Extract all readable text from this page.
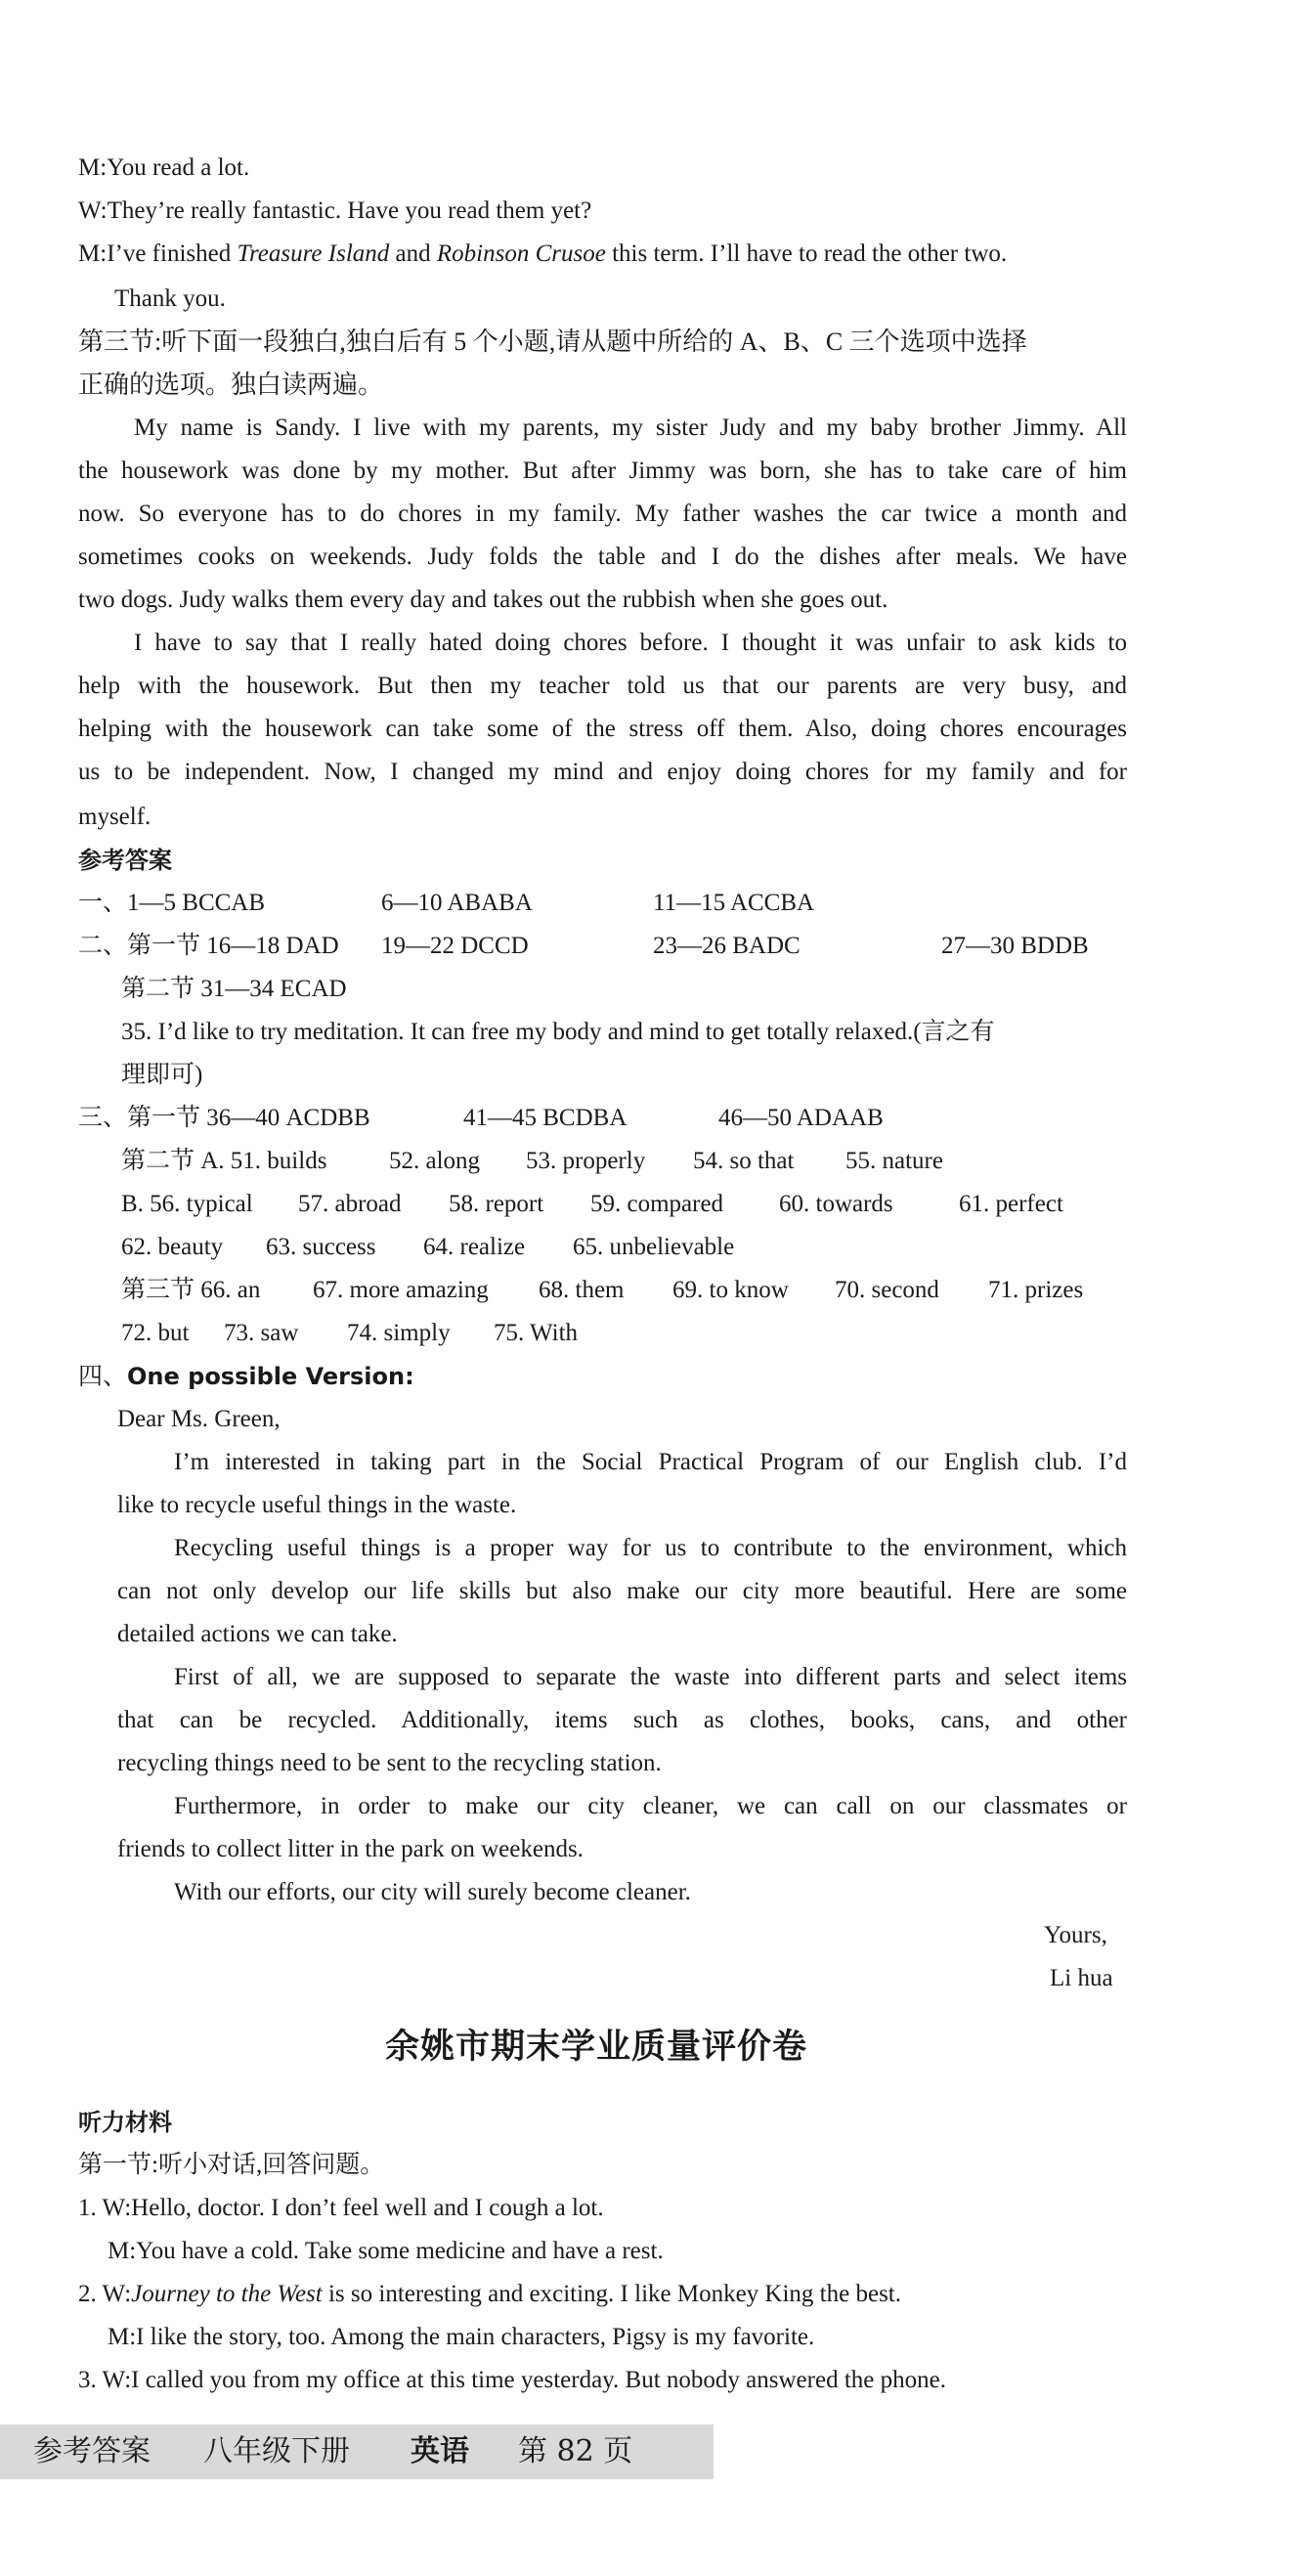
M:You read a lot.
W:They’re really fantastic. Have you read them yet?
M:I’ve finished Treasure Island and Robinson Crusoe this term. I’ll have to read the other two.
Thank you.
第三节:听下面一段独白,独白后有 5 个小题,请从题中所给的 A、B、C 三个选项中选择
正确的选项。独白读两遍。
My name is Sandy. I live with my parents, my sister Judy and my baby brother Jimmy. All
the housework was done by my mother. But after Jimmy was born, she has to take care of him
now. So everyone has to do chores in my family. My father washes the car twice a month and
sometimes cooks on weekends. Judy folds the table and I do the dishes after meals. We have
two dogs. Judy walks them every day and takes out the rubbish when she goes out.
I have to say that I really hated doing chores before. I thought it was unfair to ask kids to
help with the housework. But then my teacher told us that our parents are very busy, and
helping with the housework can take some of the stress off them. Also, doing chores encourages
us to be independent. Now, I changed my mind and enjoy doing chores for my family and for
myself.
参考答案
一、1—5 BCCAB	6—10 ABABA	11—15 ACCBA
二、第一节 16—18 DAD 19—22 DCCD	23—26 BADC	27—30 BDDB
第二节 31—34 ECAD
35. I’d like to try meditation. It can free my body and mind to get totally relaxed.(言之有
理即可)
三、第一节 36—40 ACDBB	41—45 BCDBA	46—50 ADAAB
第二节 A. 51. builds	52. along 53. properly 54. so that 55. nature
B. 56. typical 57. abroad 58. report 59. compared 60. towards	61. perfect
62. beauty 63. success 64. realize 65. unbelievable
第三节 66. an 67. more amazing 68. them 69. to know 70. second 71. prizes
72. but 73. saw 74. simply 75. With
四、One possible Version:
Dear Ms. Green,
I’m interested in taking part in the Social Practical Program of our English club. I’d
like to recycle useful things in the waste.
Recycling useful things is a proper way for us to contribute to the environment, which
can not only develop our life skills but also make our city more beautiful. Here are some
detailed actions we can take.
First of all, we are supposed to separate the waste into different parts and select items
that can be recycled. Additionally, items such as clothes, books, cans, and other
recycling things need to be sent to the recycling station.
Furthermore, in order to make our city cleaner, we can call on our classmates or
friends to collect litter in the park on weekends.
With our efforts, our city will surely become cleaner.
Yours,
Li hua
余姚市期末学业质量评价卷
听力材料
第一节:听小对话,回答问题。
1. W:Hello, doctor. I don’t feel well and I cough a lot.
M:You have a cold. Take some medicine and have a rest.
2. W:Journey to the West is so interesting and exciting. I like Monkey King the best.
M:I like the story, too. Among the main characters, Pigsy is my favorite.
3. W:I called you from my office at this time yesterday. But nobody answered the phone.
参考答案 八年级下册 英语 第 82 页
